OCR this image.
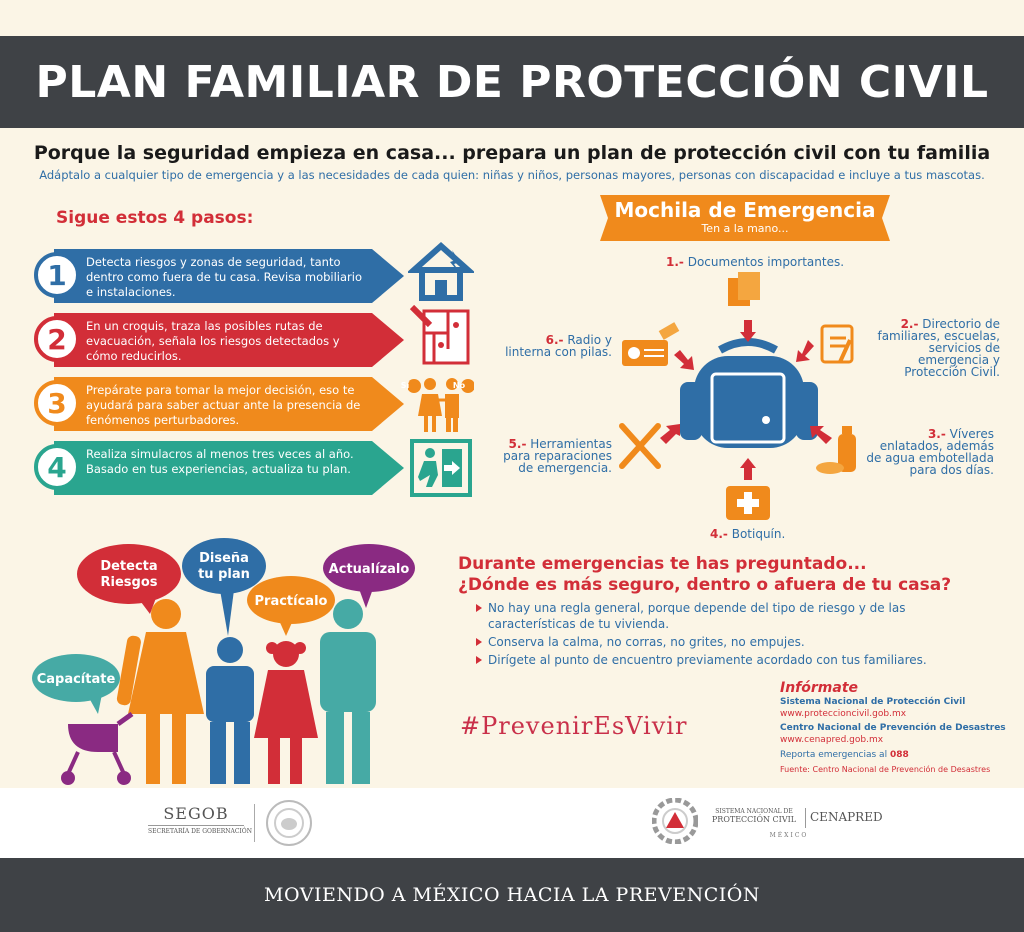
PLAN FAMILIAR DE PROTECCIÓN CIVIL
Porque la seguridad empieza en casa... prepara un plan de protección civil con tu familia
Adáptalo a cualquier tipo de emergencia y a las necesidades de cada quien: niñas y niños, personas mayores, personas con discapacidad e incluye a tus mascotas.
Sigue estos 4 pasos:
1	Detecta riesgos y zonas de seguridad, tanto dentro como fuera de tu casa. Revisa mobiliario e instalaciones.
2	En un croquis, traza las posibles rutas de evacuación, señala los riesgos detectados y cómo reducirlos.
3	Prepárate para tomar la mejor decisión, eso te ayudará para saber actuar ante la presencia de fenómenos perturbadores.
4	Realiza simulacros al menos tres veces al año. Basado en tus experiencias, actualiza tu plan.
Sí	No
Mochila de Emergencia
Ten a la mano...
1.- Documentos importantes.
2.- Directorio de familiares, escuelas, servicios de emergencia y Protección Civil.
3.- Víveres enlatados, además de agua embotellada para dos días.
4.- Botiquín.
5.- Herramientas para reparaciones de emergencia.
6.- Radio y linterna con pilas.
Detecta
Riesgos
Diseña
tu plan
Practícalo
Actualízalo
Capacítate
Durante emergencias te has preguntado...
¿Dónde es más seguro, dentro o afuera de tu casa?
No hay una regla general, porque depende del tipo de riesgo y de las características de tu vivienda.
Conserva la calma, no corras, no grites, no empujes.
Dirígete al punto de encuentro previamente acordado con tus familiares.
#PrevenirEsVivir
Infórmate
Sistema Nacional de Protección Civil
www.proteccioncivil.gob.mx
Centro Nacional de Prevención de Desastres
www.cenapred.gob.mx
Reporta emergencias al 088
Fuente: Centro Nacional de Prevención de Desastres
SEGOB
SECRETARÍA DE GOBERNACIÓN
SISTEMA NACIONAL DE
PROTECCIÓN CIVIL	CENAPRED
MÉXICO
MOVIENDO A MÉXICO HACIA LA PREVENCIÓN
